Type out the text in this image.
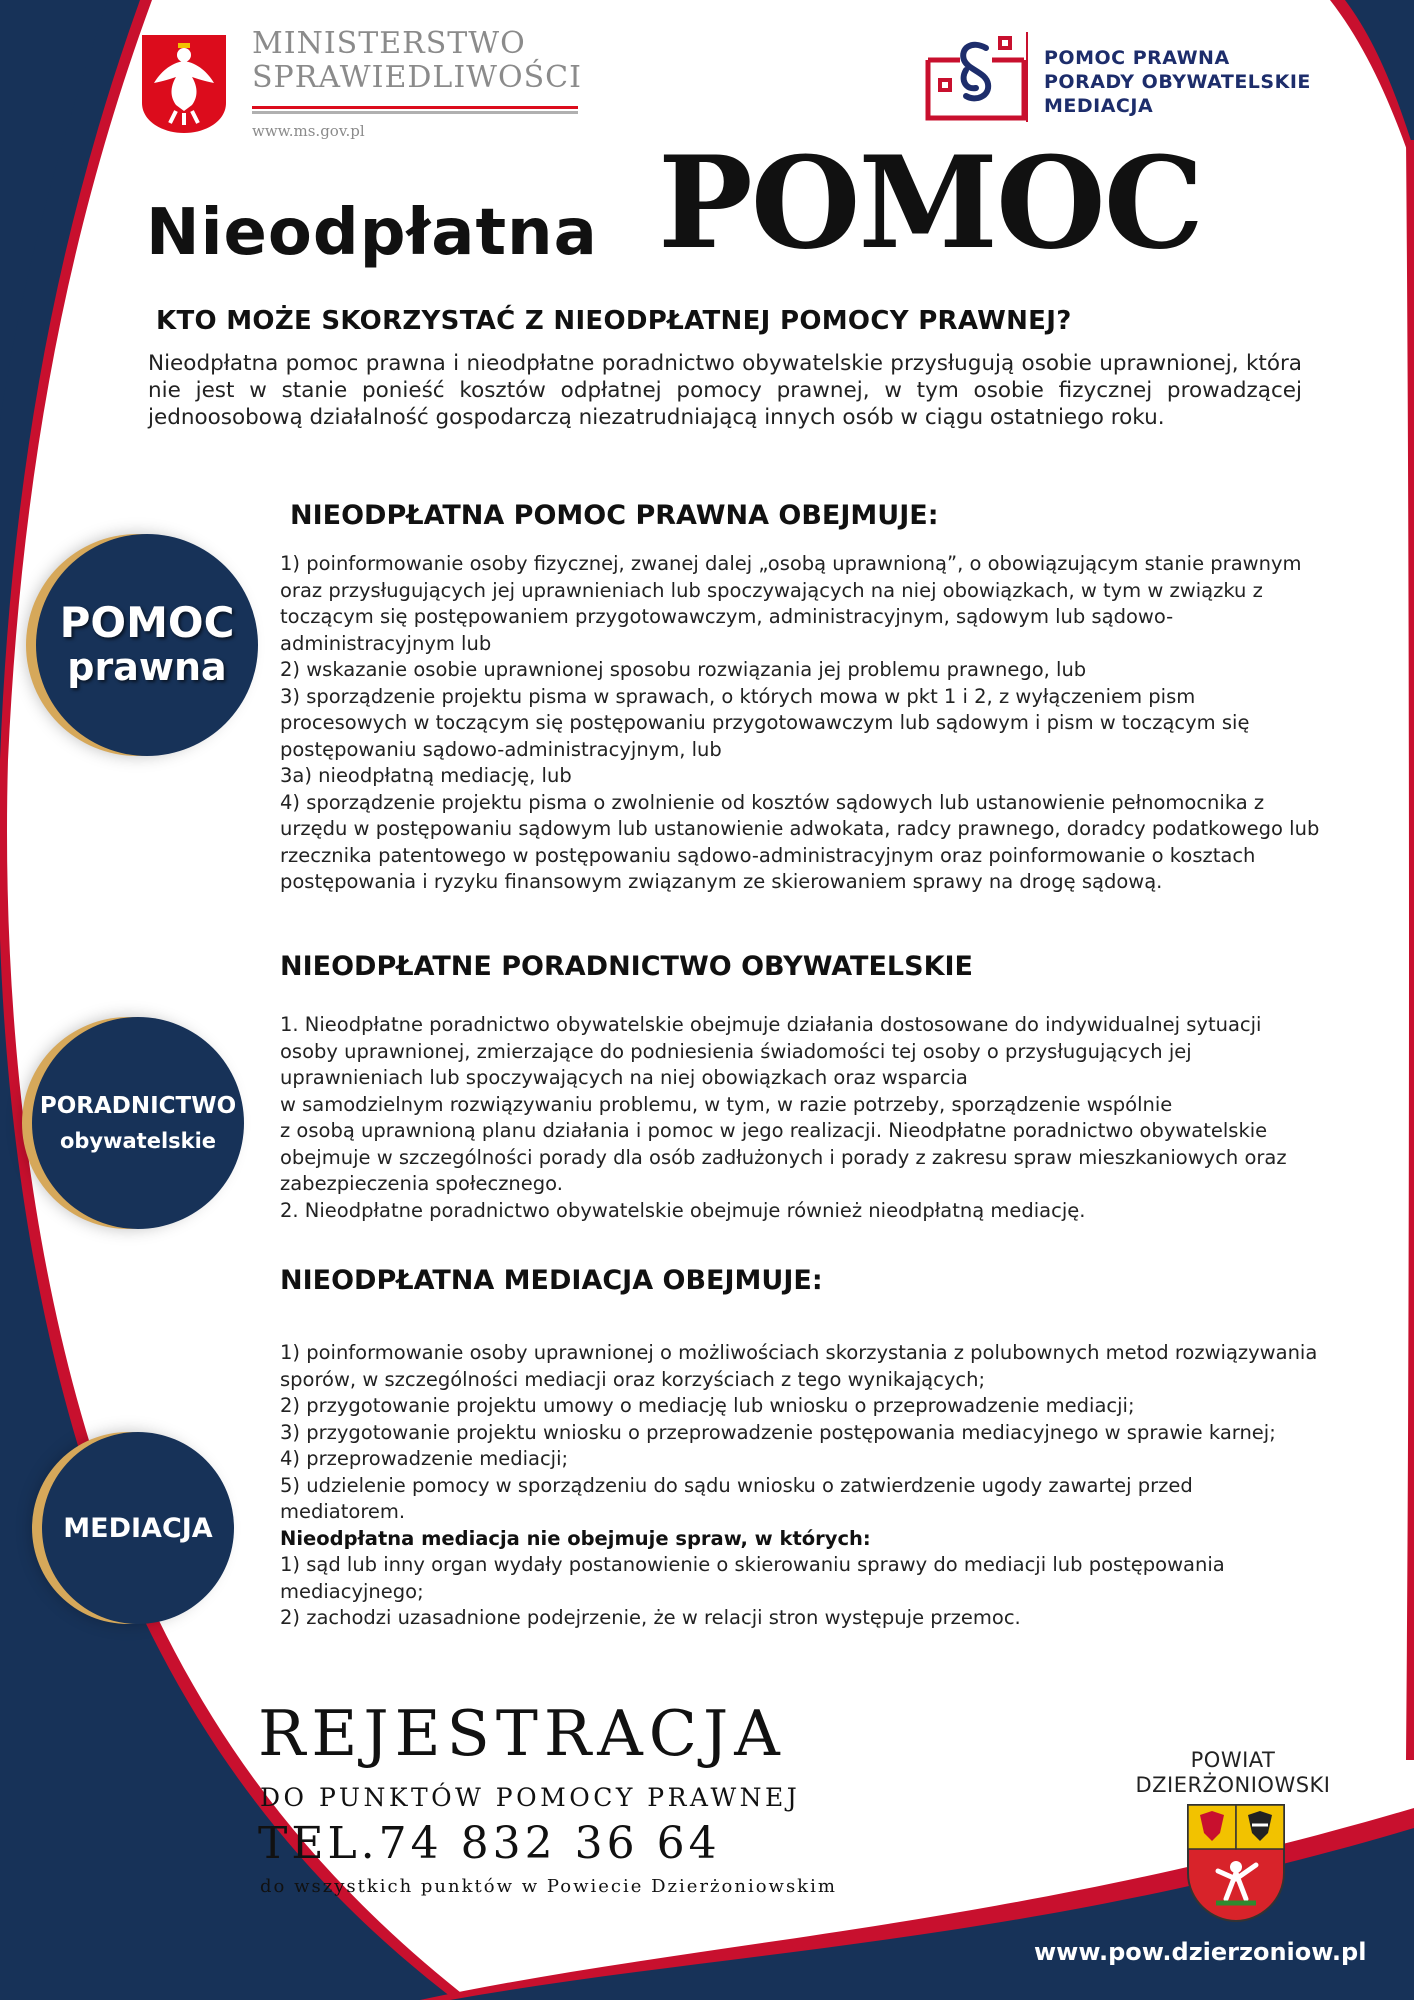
MINISTERSTWO
SPRAWIEDLIWOŚCI
www.ms.gov.pl
POMOC PRAWNA
PORADY OBYWATELSKIE
MEDIACJA
Nieodpłatna POMOC
KTO MOŻE SKORZYSTAĆ Z NIEODPŁATNEJ POMOCY PRAWNEJ?
Nieodpłatna pomoc prawna i nieodpłatne poradnictwo obywatelskie przysługują osobie uprawnionej, która nie jest w stanie ponieść kosztów odpłatnej pomocy prawnej, w tym osobie fizycznej prowadzącej jednoosobową działalność gospodarczą niezatrudniającą innych osób w ciągu ostatniego roku.
POMOC
prawna
NIEODPŁATNA POMOC PRAWNA OBEJMUJE:
1) poinformowanie osoby fizycznej, zwanej dalej „osobą uprawnioną”, o obowiązującym stanie prawnym oraz przysługujących jej uprawnieniach lub spoczywających na niej obowiązkach, w tym w związku z toczącym się postępowaniem przygotowawczym, administracyjnym, sądowym lub sądowo-administracyjnym lub
2) wskazanie osobie uprawnionej sposobu rozwiązania jej problemu prawnego, lub
3) sporządzenie projektu pisma w sprawach, o których mowa w pkt 1 i 2, z wyłączeniem pism procesowych w toczącym się postępowaniu przygotowawczym lub sądowym i pism w toczącym się postępowaniu sądowo-administracyjnym, lub
3a) nieodpłatną mediację, lub
4) sporządzenie projektu pisma o zwolnienie od kosztów sądowych lub ustanowienie pełnomocnika z urzędu w postępowaniu sądowym lub ustanowienie adwokata, radcy prawnego, doradcy podatkowego lub rzecznika patentowego w postępowaniu sądowo-administracyjnym oraz poinformowanie o kosztach postępowania i ryzyku finansowym związanym ze skierowaniem sprawy na drogę sądową.
PORADNICTWO
obywatelskie
NIEODPŁATNE PORADNICTWO OBYWATELSKIE
1. Nieodpłatne poradnictwo obywatelskie obejmuje działania dostosowane do indywidualnej sytuacji osoby uprawnionej, zmierzające do podniesienia świadomości tej osoby o przysługujących jej uprawnieniach lub spoczywających na niej obowiązkach oraz wsparcia
w samodzielnym rozwiązywaniu problemu, w tym, w razie potrzeby, sporządzenie wspólnie
z osobą uprawnioną planu działania i pomoc w jego realizacji. Nieodpłatne poradnictwo obywatelskie obejmuje w szczególności porady dla osób zadłużonych i porady z zakresu spraw mieszkaniowych oraz zabezpieczenia społecznego.
2. Nieodpłatne poradnictwo obywatelskie obejmuje również nieodpłatną mediację.
MEDIACJA
NIEODPŁATNA MEDIACJA OBEJMUJE:
1) poinformowanie osoby uprawnionej o możliwościach skorzystania z polubownych metod rozwiązywania sporów, w szczególności mediacji oraz korzyściach z tego wynikających;
2) przygotowanie projektu umowy o mediację lub wniosku o przeprowadzenie mediacji;
3) przygotowanie projektu wniosku o przeprowadzenie postępowania mediacyjnego w sprawie karnej;
4) przeprowadzenie mediacji;
5) udzielenie pomocy w sporządzeniu do sądu wniosku o zatwierdzenie ugody zawartej przed mediatorem.
Nieodpłatna mediacja nie obejmuje spraw, w których:
1) sąd lub inny organ wydały postanowienie o skierowaniu sprawy do mediacji lub postępowania mediacyjnego;
2) zachodzi uzasadnione podejrzenie, że w relacji stron występuje przemoc.
REJESTRACJA
DO PUNKTÓW POMOCY PRAWNEJ
TEL.74 832 36 64
do wszystkich punktów w Powiecie Dzierżoniowskim
POWIAT
DZIERŻONIOWSKI
www.pow.dzierzoniow.pl
